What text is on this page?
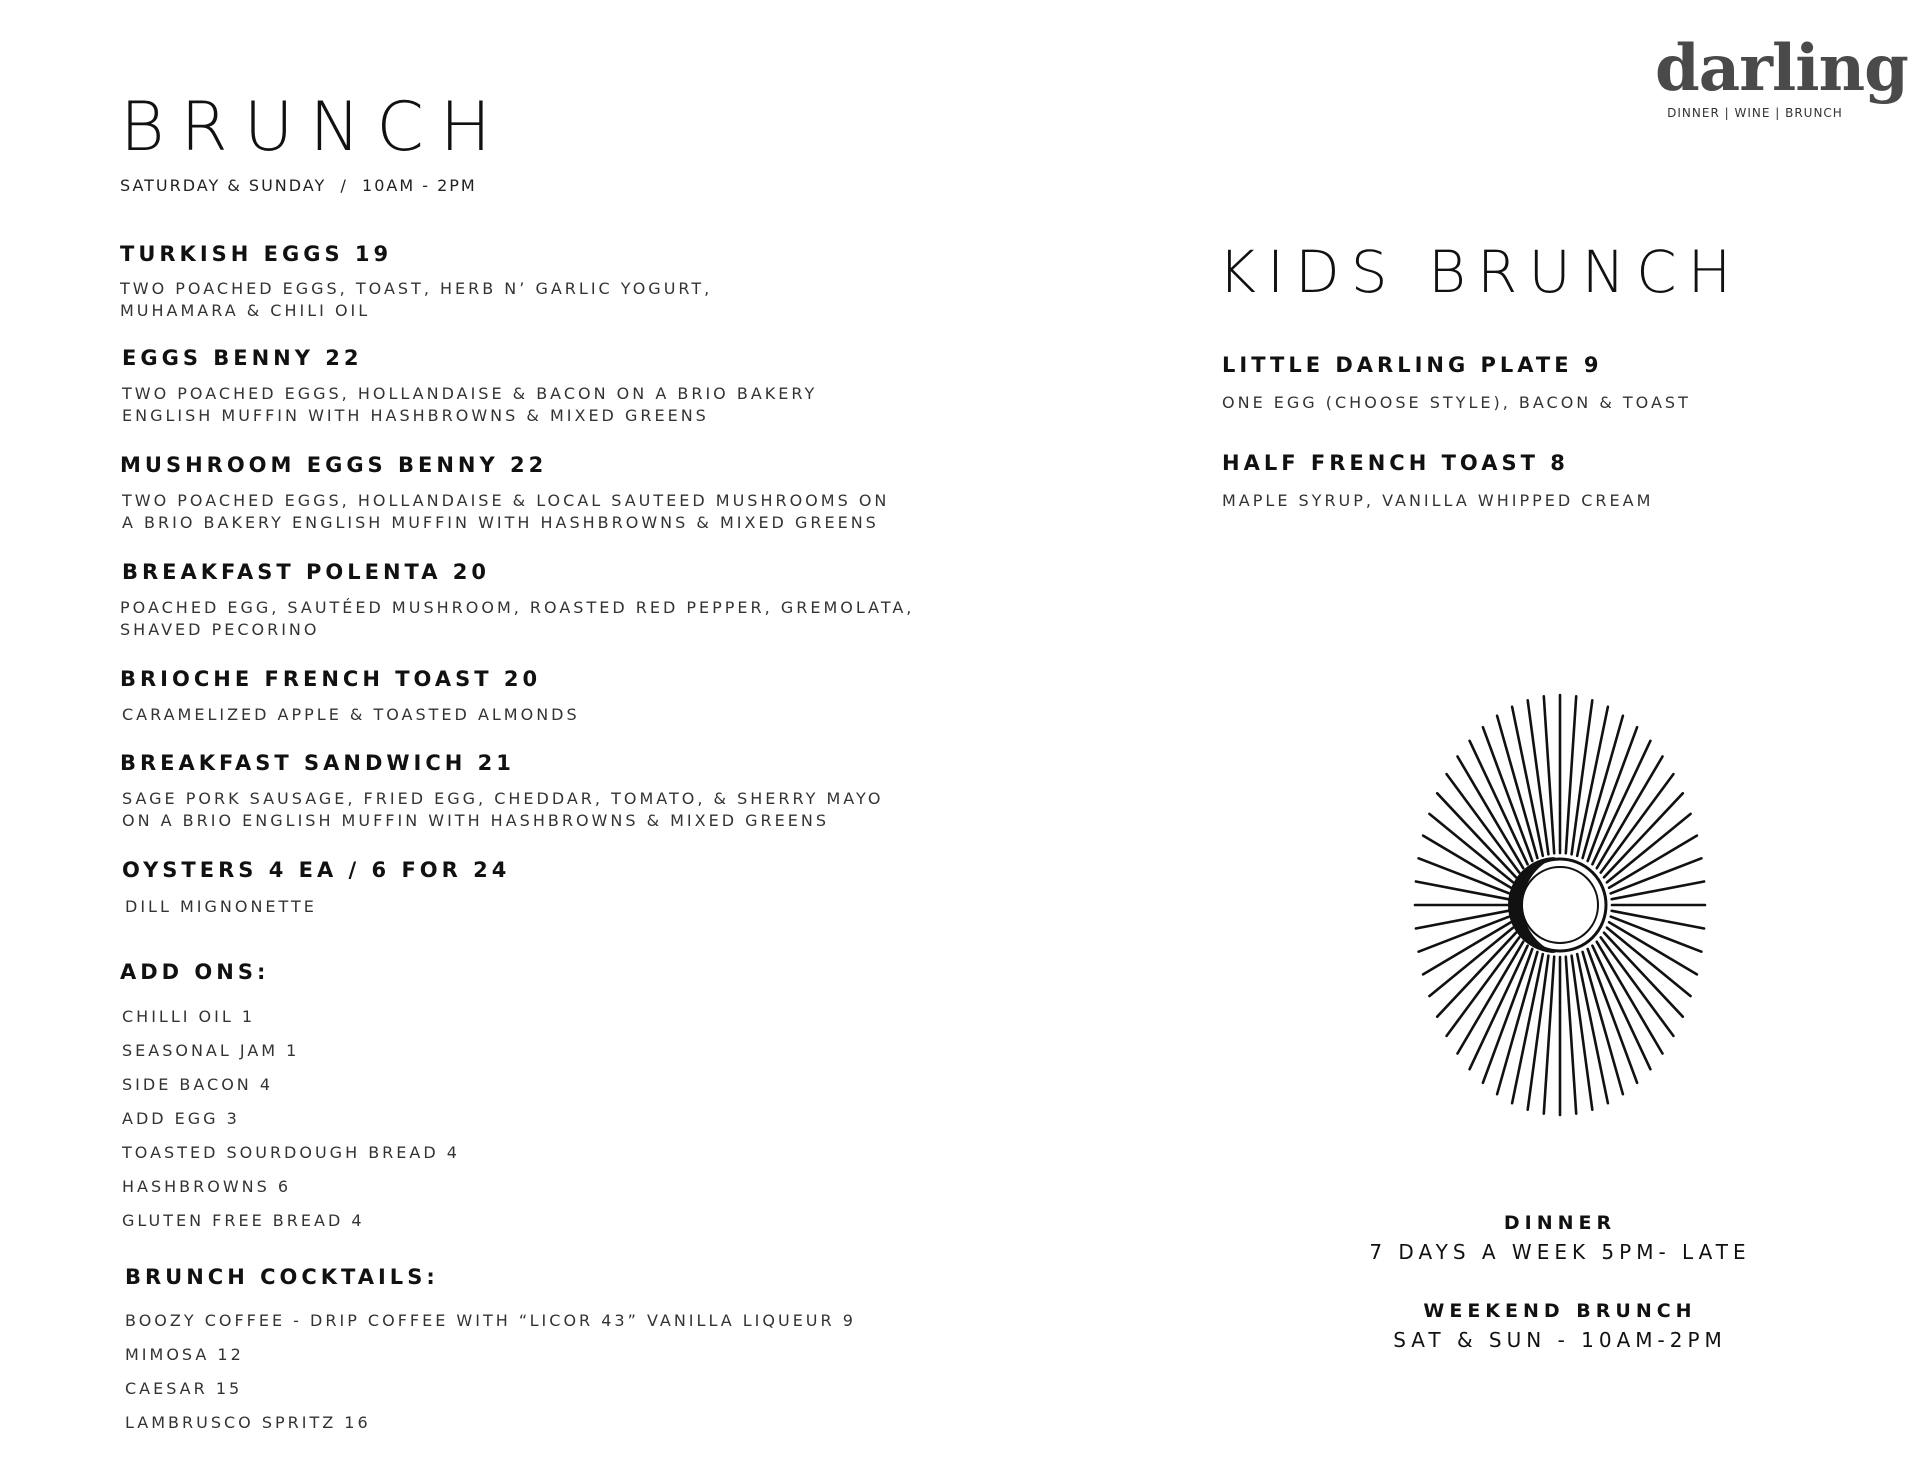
darling
DINNER | WINE | BRUNCH
BRUNCH
SATURDAY & SUNDAY  /  10AM - 2PM
TURKISH EGGS 19
TWO POACHED EGGS, TOAST, HERB N’ GARLIC YOGURT,
MUHAMARA & CHILI OIL
EGGS BENNY 22
TWO POACHED EGGS, HOLLANDAISE & BACON ON A BRIO BAKERY
ENGLISH MUFFIN WITH HASHBROWNS & MIXED GREENS
MUSHROOM EGGS BENNY 22
TWO POACHED EGGS, HOLLANDAISE & LOCAL SAUTEED MUSHROOMS ON
A BRIO BAKERY ENGLISH MUFFIN WITH HASHBROWNS & MIXED GREENS
BREAKFAST POLENTA 20
POACHED EGG, SAUTÉED MUSHROOM, ROASTED RED PEPPER, GREMOLATA,
SHAVED PECORINO
BRIOCHE FRENCH TOAST 20
CARAMELIZED APPLE & TOASTED ALMONDS
BREAKFAST SANDWICH 21
SAGE PORK SAUSAGE, FRIED EGG, CHEDDAR, TOMATO, & SHERRY MAYO
ON A BRIO ENGLISH MUFFIN WITH HASHBROWNS & MIXED GREENS
OYSTERS 4 EA / 6 FOR 24
DILL MIGNONETTE
ADD ONS:
CHILLI OIL 1
SEASONAL JAM 1
SIDE BACON 4
ADD EGG 3
TOASTED SOURDOUGH BREAD 4
HASHBROWNS 6
GLUTEN FREE BREAD 4
BRUNCH COCKTAILS:
BOOZY COFFEE - DRIP COFFEE WITH “LICOR 43” VANILLA LIQUEUR 9
MIMOSA 12
CAESAR 15
LAMBRUSCO SPRITZ 16
KIDS BRUNCH
LITTLE DARLING PLATE 9
ONE EGG (CHOOSE STYLE), BACON & TOAST
HALF FRENCH TOAST 8
MAPLE SYRUP, VANILLA WHIPPED CREAM
DINNER
7 DAYS A WEEK 5PM- LATE
WEEKEND BRUNCH
SAT & SUN - 10AM-2PM
